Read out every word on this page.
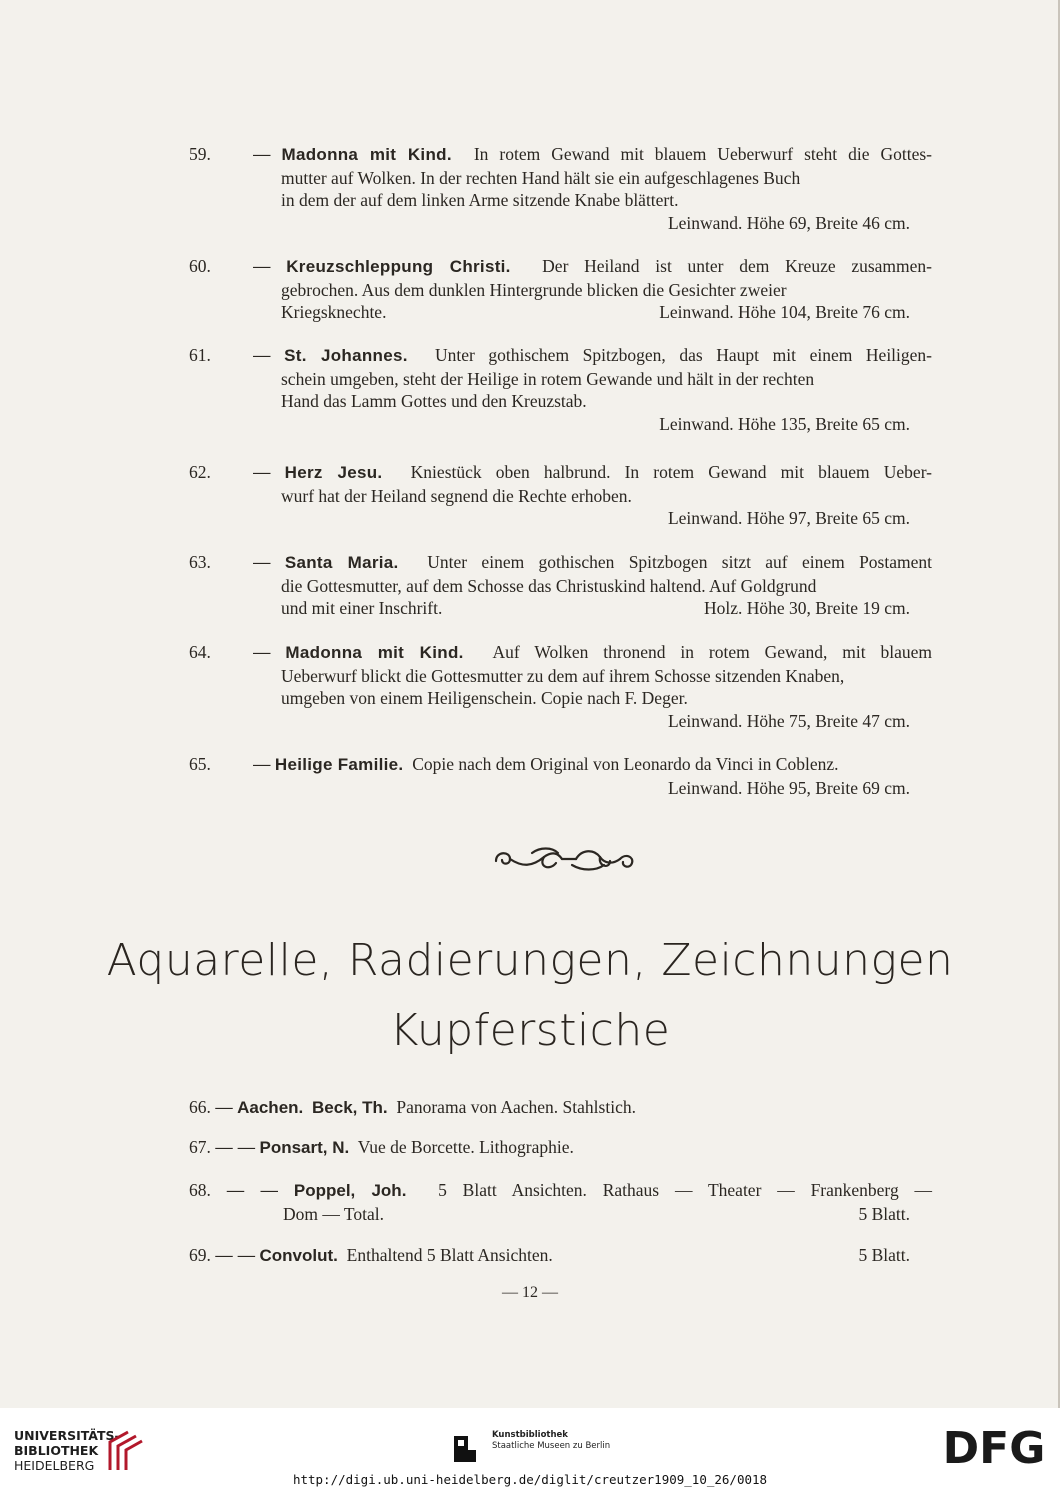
59.	— Madonna mit Kind. In rotem Gewand mit blauem Ueberwurf steht die Gottes-
mutter auf Wolken. In der rechten Hand hält sie ein aufgeschlagenes Buch
in dem der auf dem linken Arme sitzende Knabe blättert.
Leinwand. Höhe 69, Breite 46 cm.
60.	— Kreuzschleppung Christi. Der Heiland ist unter dem Kreuze zusammen-
gebrochen. Aus dem dunklen Hintergrunde blicken die Gesichter zweier
Kriegsknechte.	Leinwand. Höhe 104, Breite 76 cm.
61.	— St. Johannes. Unter gothischem Spitzbogen, das Haupt mit einem Heiligen-
schein umgeben, steht der Heilige in rotem Gewande und hält in der rechten
Hand das Lamm Gottes und den Kreuzstab.
Leinwand. Höhe 135, Breite 65 cm.
62.	— Herz Jesu. Kniestück oben halbrund. In rotem Gewand mit blauem Ueber-
wurf hat der Heiland segnend die Rechte erhoben.
Leinwand. Höhe 97, Breite 65 cm.
63.	— Santa Maria. Unter einem gothischen Spitzbogen sitzt auf einem Postament
die Gottesmutter, auf dem Schosse das Christuskind haltend. Auf Goldgrund
und mit einer Inschrift.	Holz. Höhe 30, Breite 19 cm.
64.	— Madonna mit Kind. Auf Wolken thronend in rotem Gewand, mit blauem
Ueberwurf blickt die Gottesmutter zu dem auf ihrem Schosse sitzenden Knaben,
umgeben von einem Heiligenschein. Copie nach F. Deger.
Leinwand. Höhe 75, Breite 47 cm.
65.	— Heilige Familie. Copie nach dem Original von Leonardo da Vinci in Coblenz.
Leinwand. Höhe 95, Breite 69 cm.
Aquarelle, Radierungen, Zeichnungen
Kupferstiche
66. — Aachen. Beck, Th. Panorama von Aachen. Stahlstich.
67. — — Ponsart, N. Vue de Borcette. Lithographie.
68. — — Poppel, Joh. 5 Blatt Ansichten. Rathaus — Theater — Frankenberg —
Dom — Total.	5 Blatt.
69. — — Convolut. Enthaltend 5 Blatt Ansichten.	5 Blatt.
— 12 —
UNIVERSITÄTS-
BIBLIOTHEK
HEIDELBERG
Kunstbibliothek
Staatliche Museen zu Berlin	DFG
http://digi.ub.uni-heidelberg.de/diglit/creutzer1909_10_26/0018
